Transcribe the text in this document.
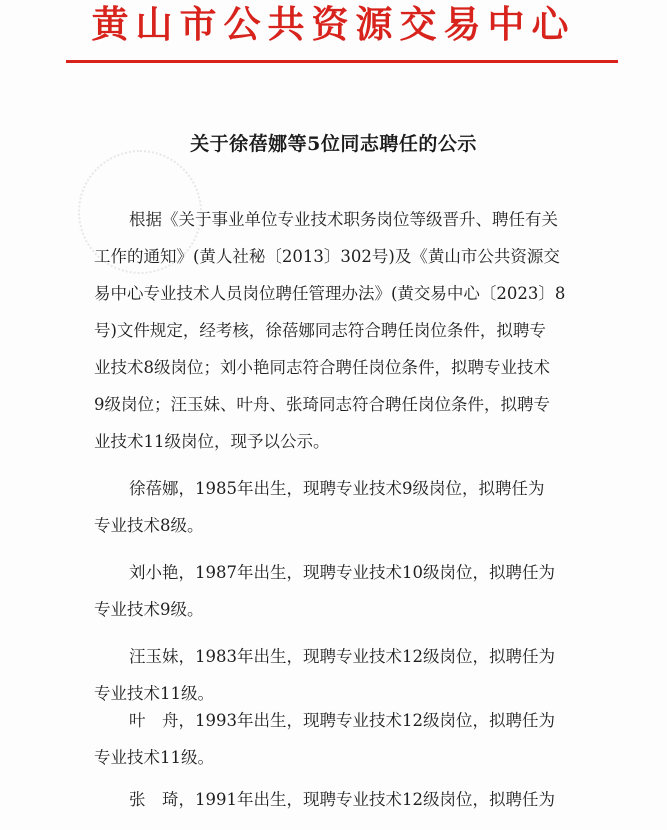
黄山市公共资源交易中心
关于徐蓓娜等5位同志聘任的公示
根据《关于事业单位专业技术职务岗位等级晋升、聘任有关
工作的通知》(黄人社秘〔2013〕302号)及《黄山市公共资源交
易中心专业技术人员岗位聘任管理办法》(黄交易中心〔2023〕8
号)文件规定，经考核，徐蓓娜同志符合聘任岗位条件，拟聘专
业技术8级岗位；刘小艳同志符合聘任岗位条件，拟聘专业技术
9级岗位；汪玉妹、叶舟、张琦同志符合聘任岗位条件，拟聘专
业技术11级岗位，现予以公示。
徐蓓娜，1985年出生，现聘专业技术9级岗位，拟聘任为
专业技术8级。
刘小艳，1987年出生，现聘专业技术10级岗位，拟聘任为
专业技术9级。
汪玉妹，1983年出生，现聘专业技术12级岗位，拟聘任为
专业技术11级。
叶　舟，1993年出生，现聘专业技术12级岗位，拟聘任为
专业技术11级。
张　琦，1991年出生，现聘专业技术12级岗位，拟聘任为
